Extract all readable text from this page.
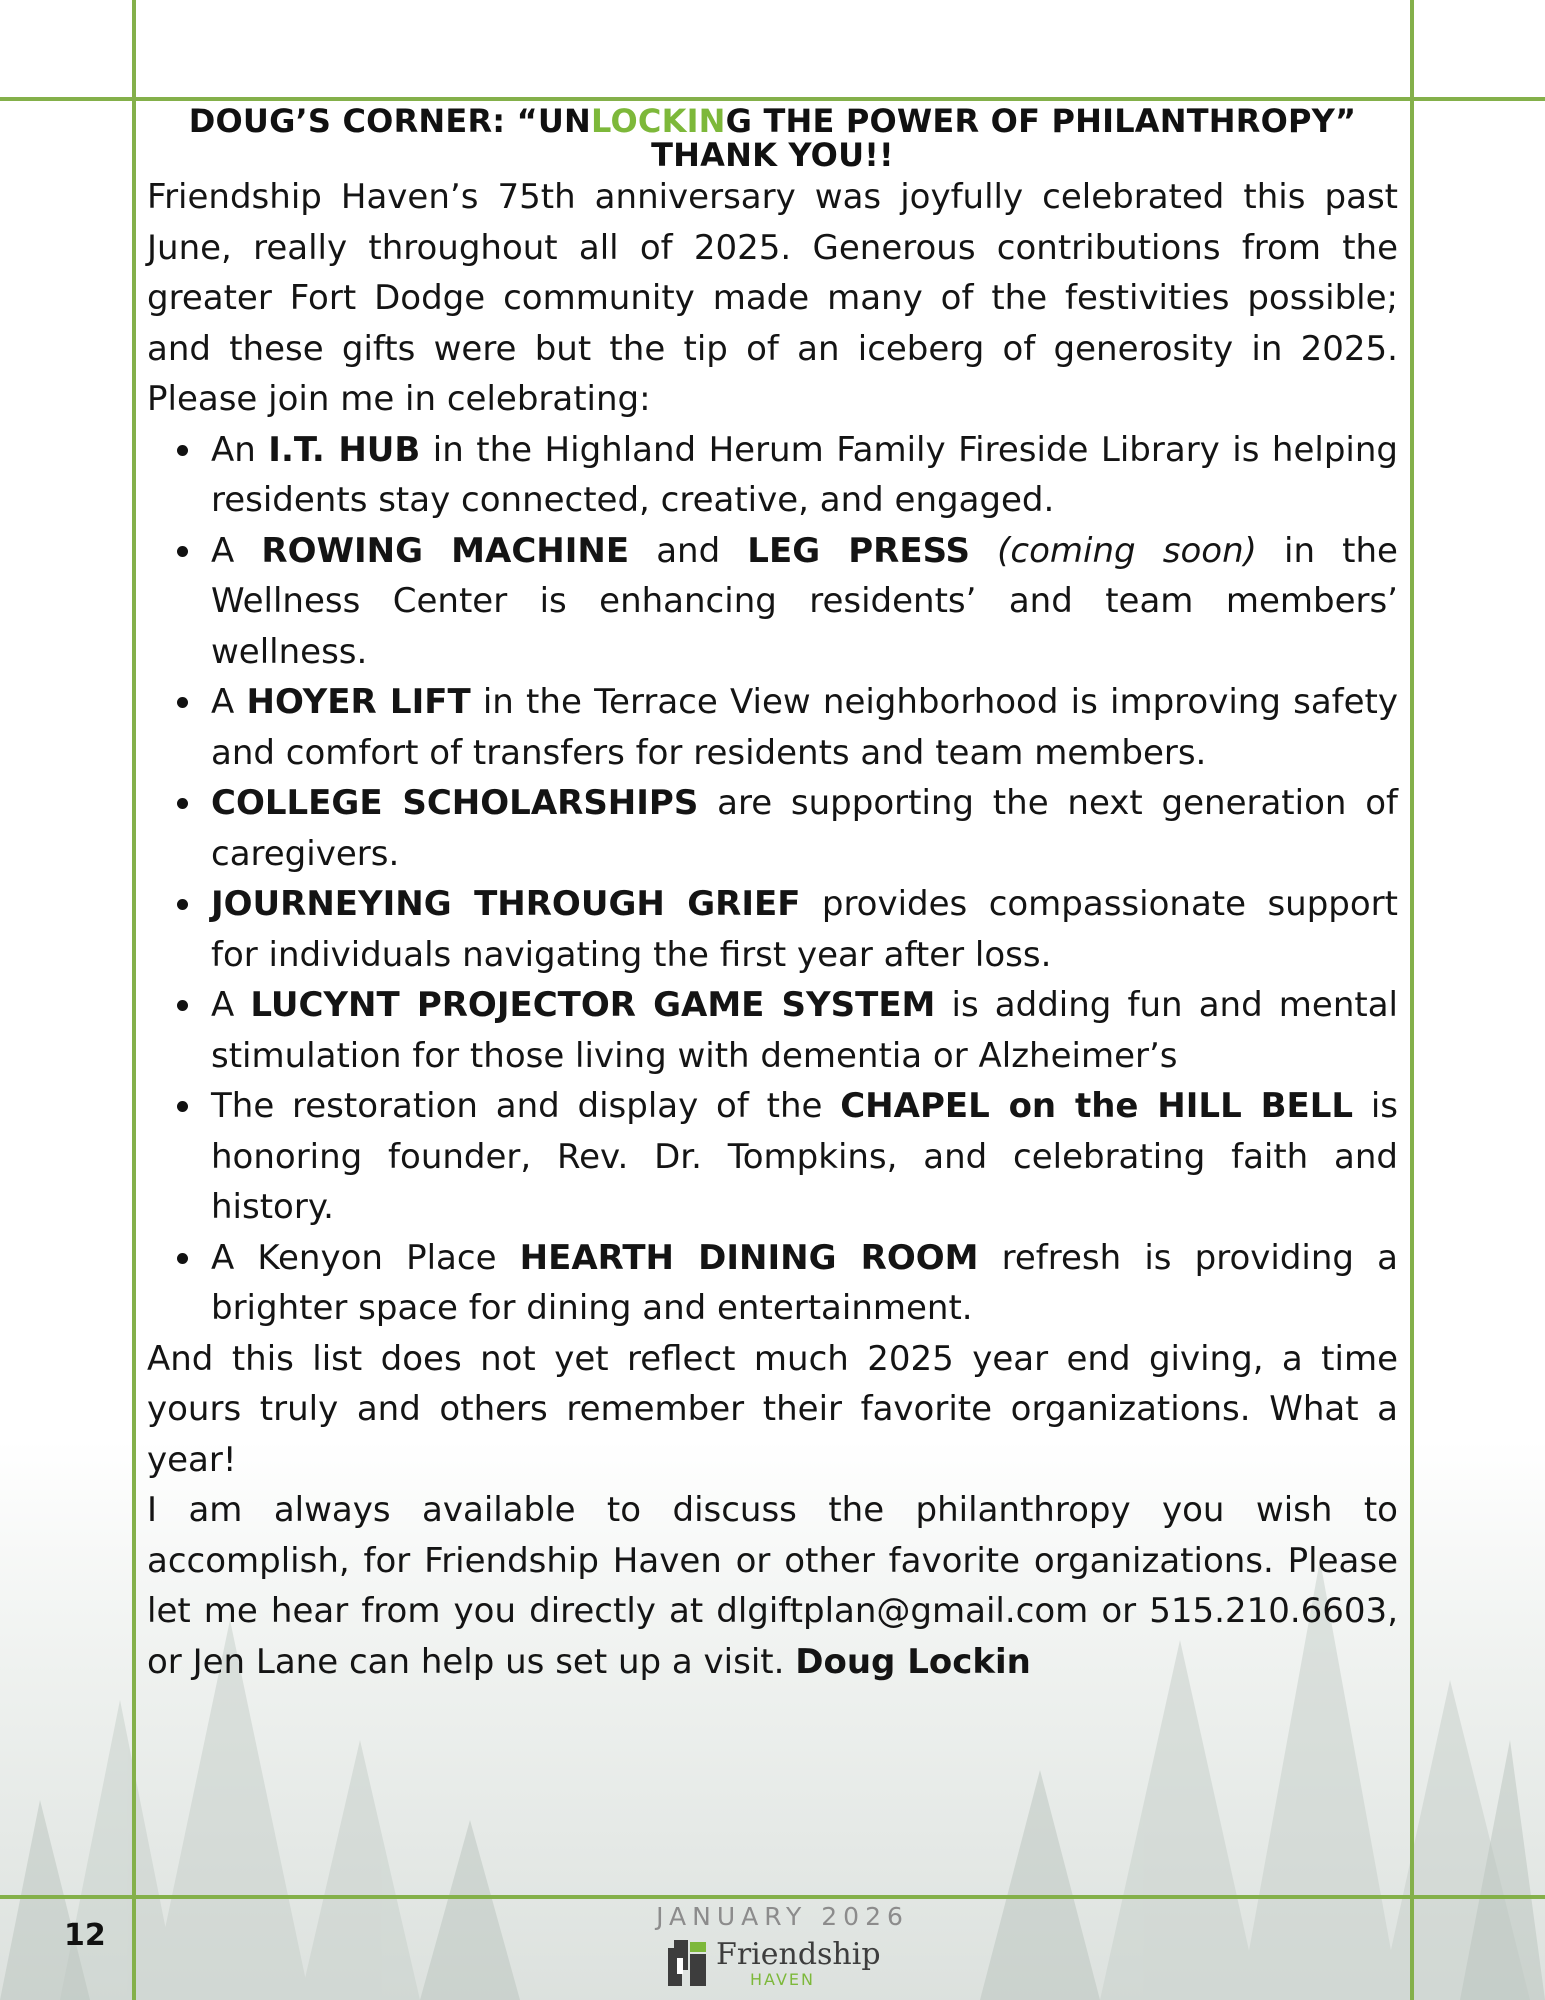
DOUG’S CORNER: “UNLOCKING THE POWER OF PHILANTHROPY”
THANK YOU!!

Friendship Haven’s 75th anniversary was joyfully celebrated this past June, really throughout all of 2025. Generous contributions from the greater Fort Dodge community made many of the festivities possible; and these gifts were but the tip of an iceberg of generosity in 2025. Please join me in celebrating:

An I.T. HUB in the Highland Herum Family Fireside Library is helping residents stay connected, creative, and engaged.
A ROWING MACHINE and LEG PRESS (coming soon) in the Wellness Center is enhancing residents’ and team members’ wellness.
A HOYER LIFT in the Terrace View neighborhood is improving safety and comfort of transfers for residents and team members.
COLLEGE SCHOLARSHIPS are supporting the next generation of caregivers.
JOURNEYING THROUGH GRIEF provides compassionate support for individuals navigating the first year after loss.
A LUCYNT PROJECTOR GAME SYSTEM is adding fun and mental stimulation for those living with dementia or Alzheimer’s
The restoration and display of the CHAPEL on the HILL BELL is honoring founder, Rev. Dr. Tompkins, and celebrating faith and history.
A Kenyon Place HEARTH DINING ROOM refresh is providing a brighter space for dining and entertainment.

And this list does not yet reflect much 2025 year end giving, a time yours truly and others remember their favorite organizations. What a year!

I am always available to discuss the philanthropy you wish to accomplish, for Friendship Haven or other favorite organizations. Please let me hear from you directly at dlgiftplan@gmail.com or 515.210.6603, or Jen Lane can help us set up a visit. Doug Lockin

12
JANUARY 2026
Friendship
HAVEN
